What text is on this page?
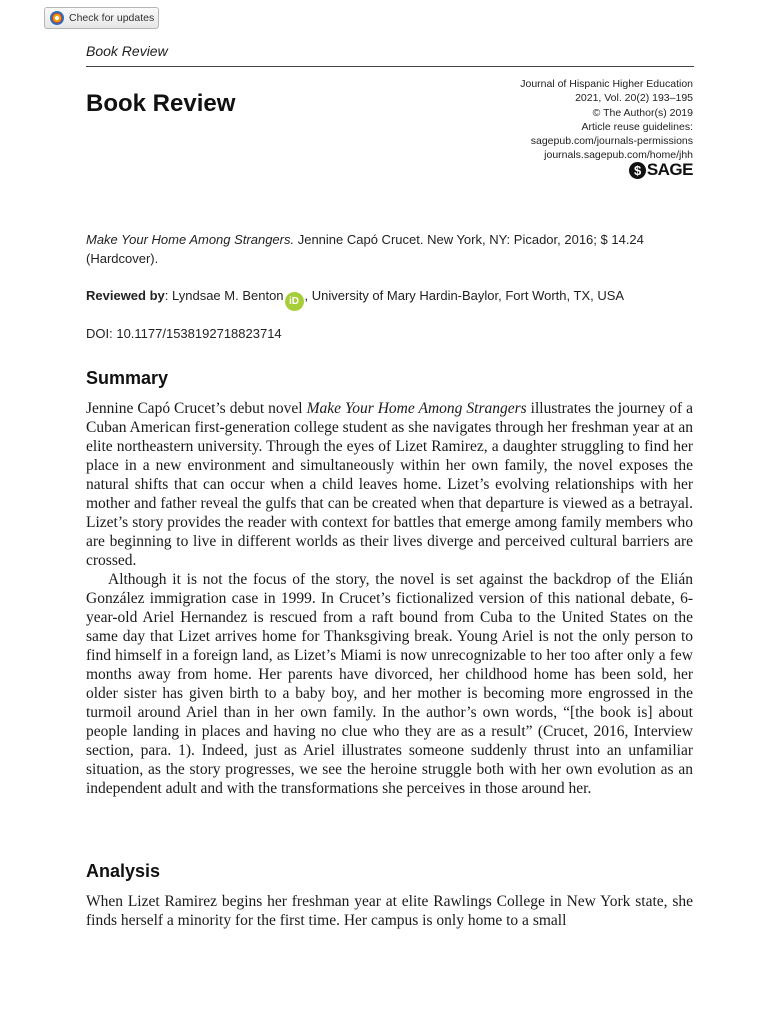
Check for updates
Book Review
Book Review
Journal of Hispanic Higher Education
2021, Vol. 20(2) 193–195
© The Author(s) 2019
Article reuse guidelines:
sagepub.com/journals-permissions
journals.sagepub.com/home/jhh
$ SAGE
Make Your Home Among Strangers. Jennine Capó Crucet. New York, NY: Picador, 2016; $ 14.24 (Hardcover).
Reviewed by: Lyndsae M. Benton iD , University of Mary Hardin-Baylor, Fort Worth, TX, USA
DOI: 10.1177/1538192718823714
Summary

Jennine Capó Crucet’s debut novel Make Your Home Among Strangers illustrates the journey of a Cuban American first-generation college student as she navigates through her freshman year at an elite northeastern university. Through the eyes of Lizet Ramirez, a daughter struggling to find her place in a new environment and simultaneously within her own family, the novel exposes the natural shifts that can occur when a child leaves home. Lizet’s evolving relationships with her mother and father reveal the gulfs that can be created when that departure is viewed as a betrayal. Lizet’s story provides the reader with context for battles that emerge among family members who are beginning to live in different worlds as their lives diverge and perceived cultural barriers are crossed.

Although it is not the focus of the story, the novel is set against the backdrop of the Elián González immigration case in 1999. In Crucet’s fictionalized version of this national debate, 6-year-old Ariel Hernandez is rescued from a raft bound from Cuba to the United States on the same day that Lizet arrives home for Thanksgiving break. Young Ariel is not the only person to find himself in a foreign land, as Lizet’s Miami is now unrecognizable to her too after only a few months away from home. Her parents have divorced, her childhood home has been sold, her older sister has given birth to a baby boy, and her mother is becoming more engrossed in the turmoil around Ariel than in her own family. In the author’s own words, “[the book is] about people landing in places and having no clue who they are as a result” (Crucet, 2016, Interview section, para. 1). Indeed, just as Ariel illustrates someone suddenly thrust into an unfamiliar situation, as the story progresses, we see the heroine struggle both with her own evolution as an independent adult and with the transformations she perceives in those around her.

Analysis

When Lizet Ramirez begins her freshman year at elite Rawlings College in New York state, she finds herself a minority for the first time. Her campus is only home to a small
